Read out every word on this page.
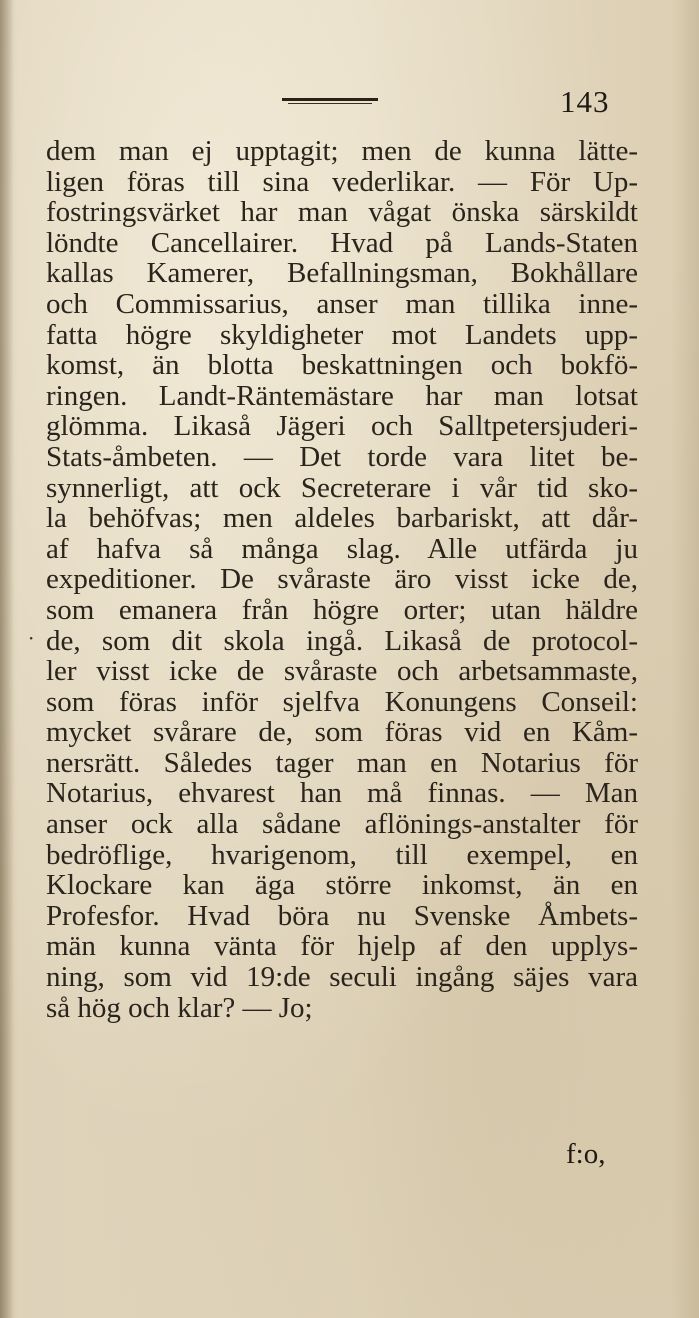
143
dem man ej upptagit; men de kunna lätte-
ligen föras till sina vederlikar. — För Up-
fostringsvärket har man vågat önska särskildt
löndte Cancellairer. Hvad på Lands-Staten
kallas Kamerer, Befallningsman, Bokhållare
och Commissarius, anser man tillika inne-
fatta högre skyldigheter mot Landets upp-
komst, än blotta beskattningen och bokfö-
ringen. Landt-Räntemästare har man lotsat
glömma. Likaså Jägeri och Salltpetersjuderi-
Stats-åmbeten. — Det torde vara litet be-
synnerligt, att ock Secreterare i vår tid sko-
la behöfvas; men aldeles barbariskt, att dår-
af hafva så många slag. Alle utfärda ju
expeditioner. De svåraste äro visst icke de,
som emanera från högre orter; utan häldre
de, som dit skola ingå. Likaså de protocol-
ler visst icke de svåraste och arbetsammaste,
som föras inför sjelfva Konungens Conseil:
mycket svårare de, som föras vid en Kåm-
nersrätt. Således tager man en Notarius för
Notarius, ehvarest han må finnas. — Man
anser ock alla sådane aflönings-anstalter för
bedröflige, hvarigenom, till exempel, en
Klockare kan äga större inkomst, än en
Profesfor. Hvad böra nu Svenske Åmbets-
män kunna vänta för hjelp af den upplys-
ning, som vid 19:de seculi ingång säjes vara
så hög och klar? — Jo;
·
f:o,
